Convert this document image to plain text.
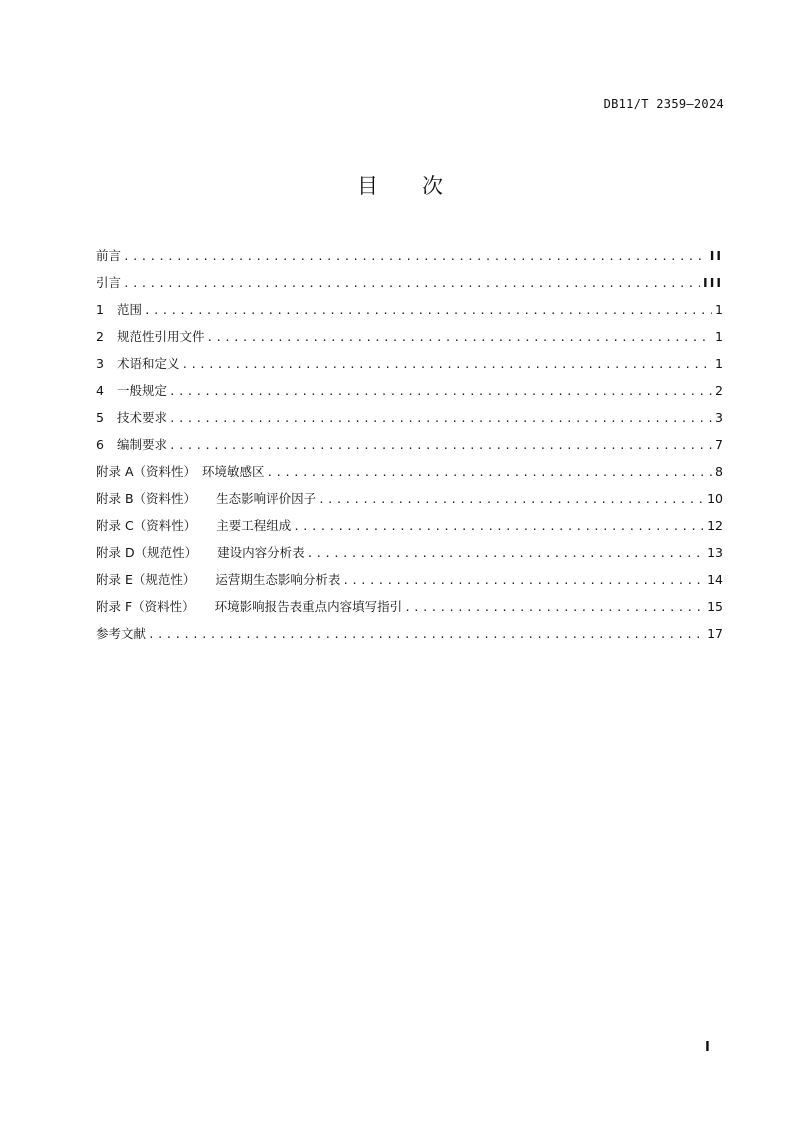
DB11/T 2359—2024
目次
前言 .....	II
引言 .....	III
1 范围 .....	1
2 规范性引用文件 .....	1
3 术语和定义 .....	1
4 一般规定 .....	2
5 技术要求 .....	3
6 编制要求 .....	7
附录 A（资料性） 环境敏感区 .....	8
附录 B（资料性） 生态影响评价因子 .....	10
附录 C（资料性） 主要工程组成 .....	12
附录 D（规范性） 建设内容分析表 .....	13
附录 E（规范性） 运营期生态影响分析表 .....	14
附录 F（资料性） 环境影响报告表重点内容填写指引 .....	15
参考文献 .....	17
I
